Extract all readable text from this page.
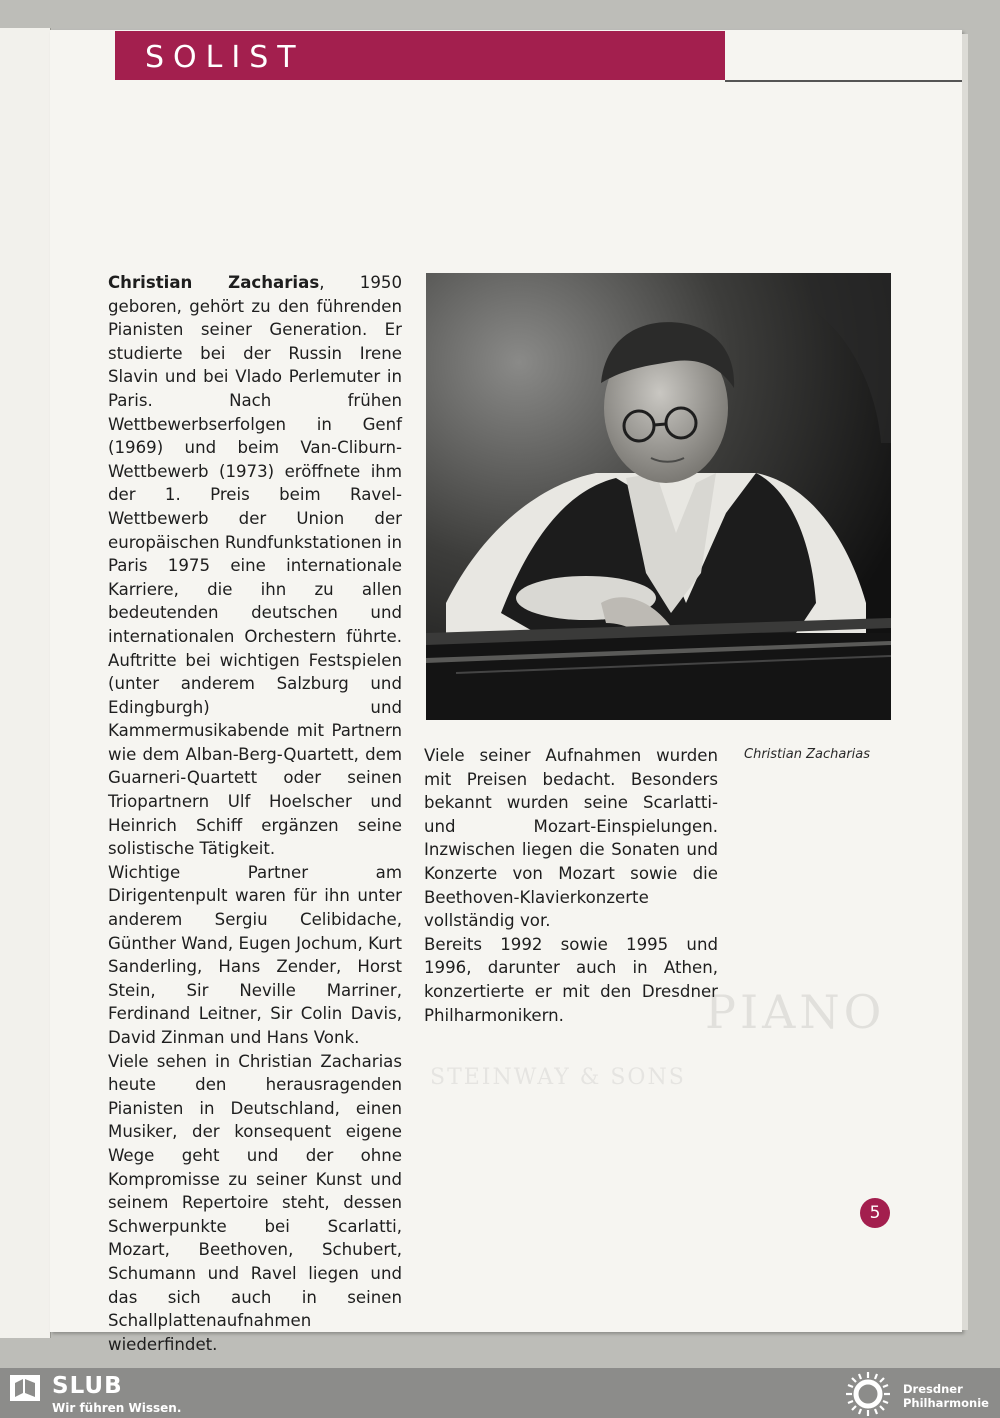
PIANO
STEINWAY & SONS
SOLIST

Christian Zacharias, 1950 geboren, gehört zu den führenden Pianisten seiner Generation. Er studierte bei der Russin Irene Slavin und bei Vlado Perlemuter in Paris. Nach frühen Wettbewerbserfolgen in Genf (1969) und beim Van-Cliburn-Wettbewerb (1973) eröffnete ihm der 1. Preis beim Ravel-Wettbewerb der Union der europäischen Rundfunkstationen in Paris 1975 eine internationale Karriere, die ihn zu allen bedeutenden deutschen und internationalen Orchestern führte. Auftritte bei wichtigen Festspielen (unter anderem Salzburg und Edingburgh) und Kammermusikabende mit Partnern wie dem Alban-Berg-Quartett, dem Guarneri-Quartett oder seinen Triopartnern Ulf Hoelscher und Heinrich Schiff ergänzen seine solistische Tätigkeit.

Wichtige Partner am Dirigentenpult waren für ihn unter anderem Sergiu Celibidache, Günther Wand, Eugen Jochum, Kurt Sanderling, Hans Zender, Horst Stein, Sir Neville Marriner, Ferdinand Leitner, Sir Colin Davis, David Zinman und Hans Vonk.

Viele sehen in Christian Zacharias heute den herausragenden Pianisten in Deutschland, einen Musiker, der konsequent eigene Wege geht und der ohne Kompromisse zu seiner Kunst und seinem Repertoire steht, dessen Schwerpunkte bei Scarlatti, Mozart, Beethoven, Schubert, Schumann und Ravel liegen und das sich auch in seinen Schallplattenaufnahmen wiederfindet.

Christian Zacharias

Viele seiner Aufnahmen wurden mit Preisen bedacht. Besonders bekannt wurden seine Scarlatti- und Mozart-Einspielungen. Inzwischen liegen die Sonaten und Konzerte von Mozart sowie die Beethoven-Klavierkonzerte vollständig vor.

Bereits 1992 sowie 1995 und 1996, darunter auch in Athen, konzertierte er mit den Dresdner Philharmonikern.

5
SLUB
Wir führen Wissen.
Dresdner
Philharmonie
